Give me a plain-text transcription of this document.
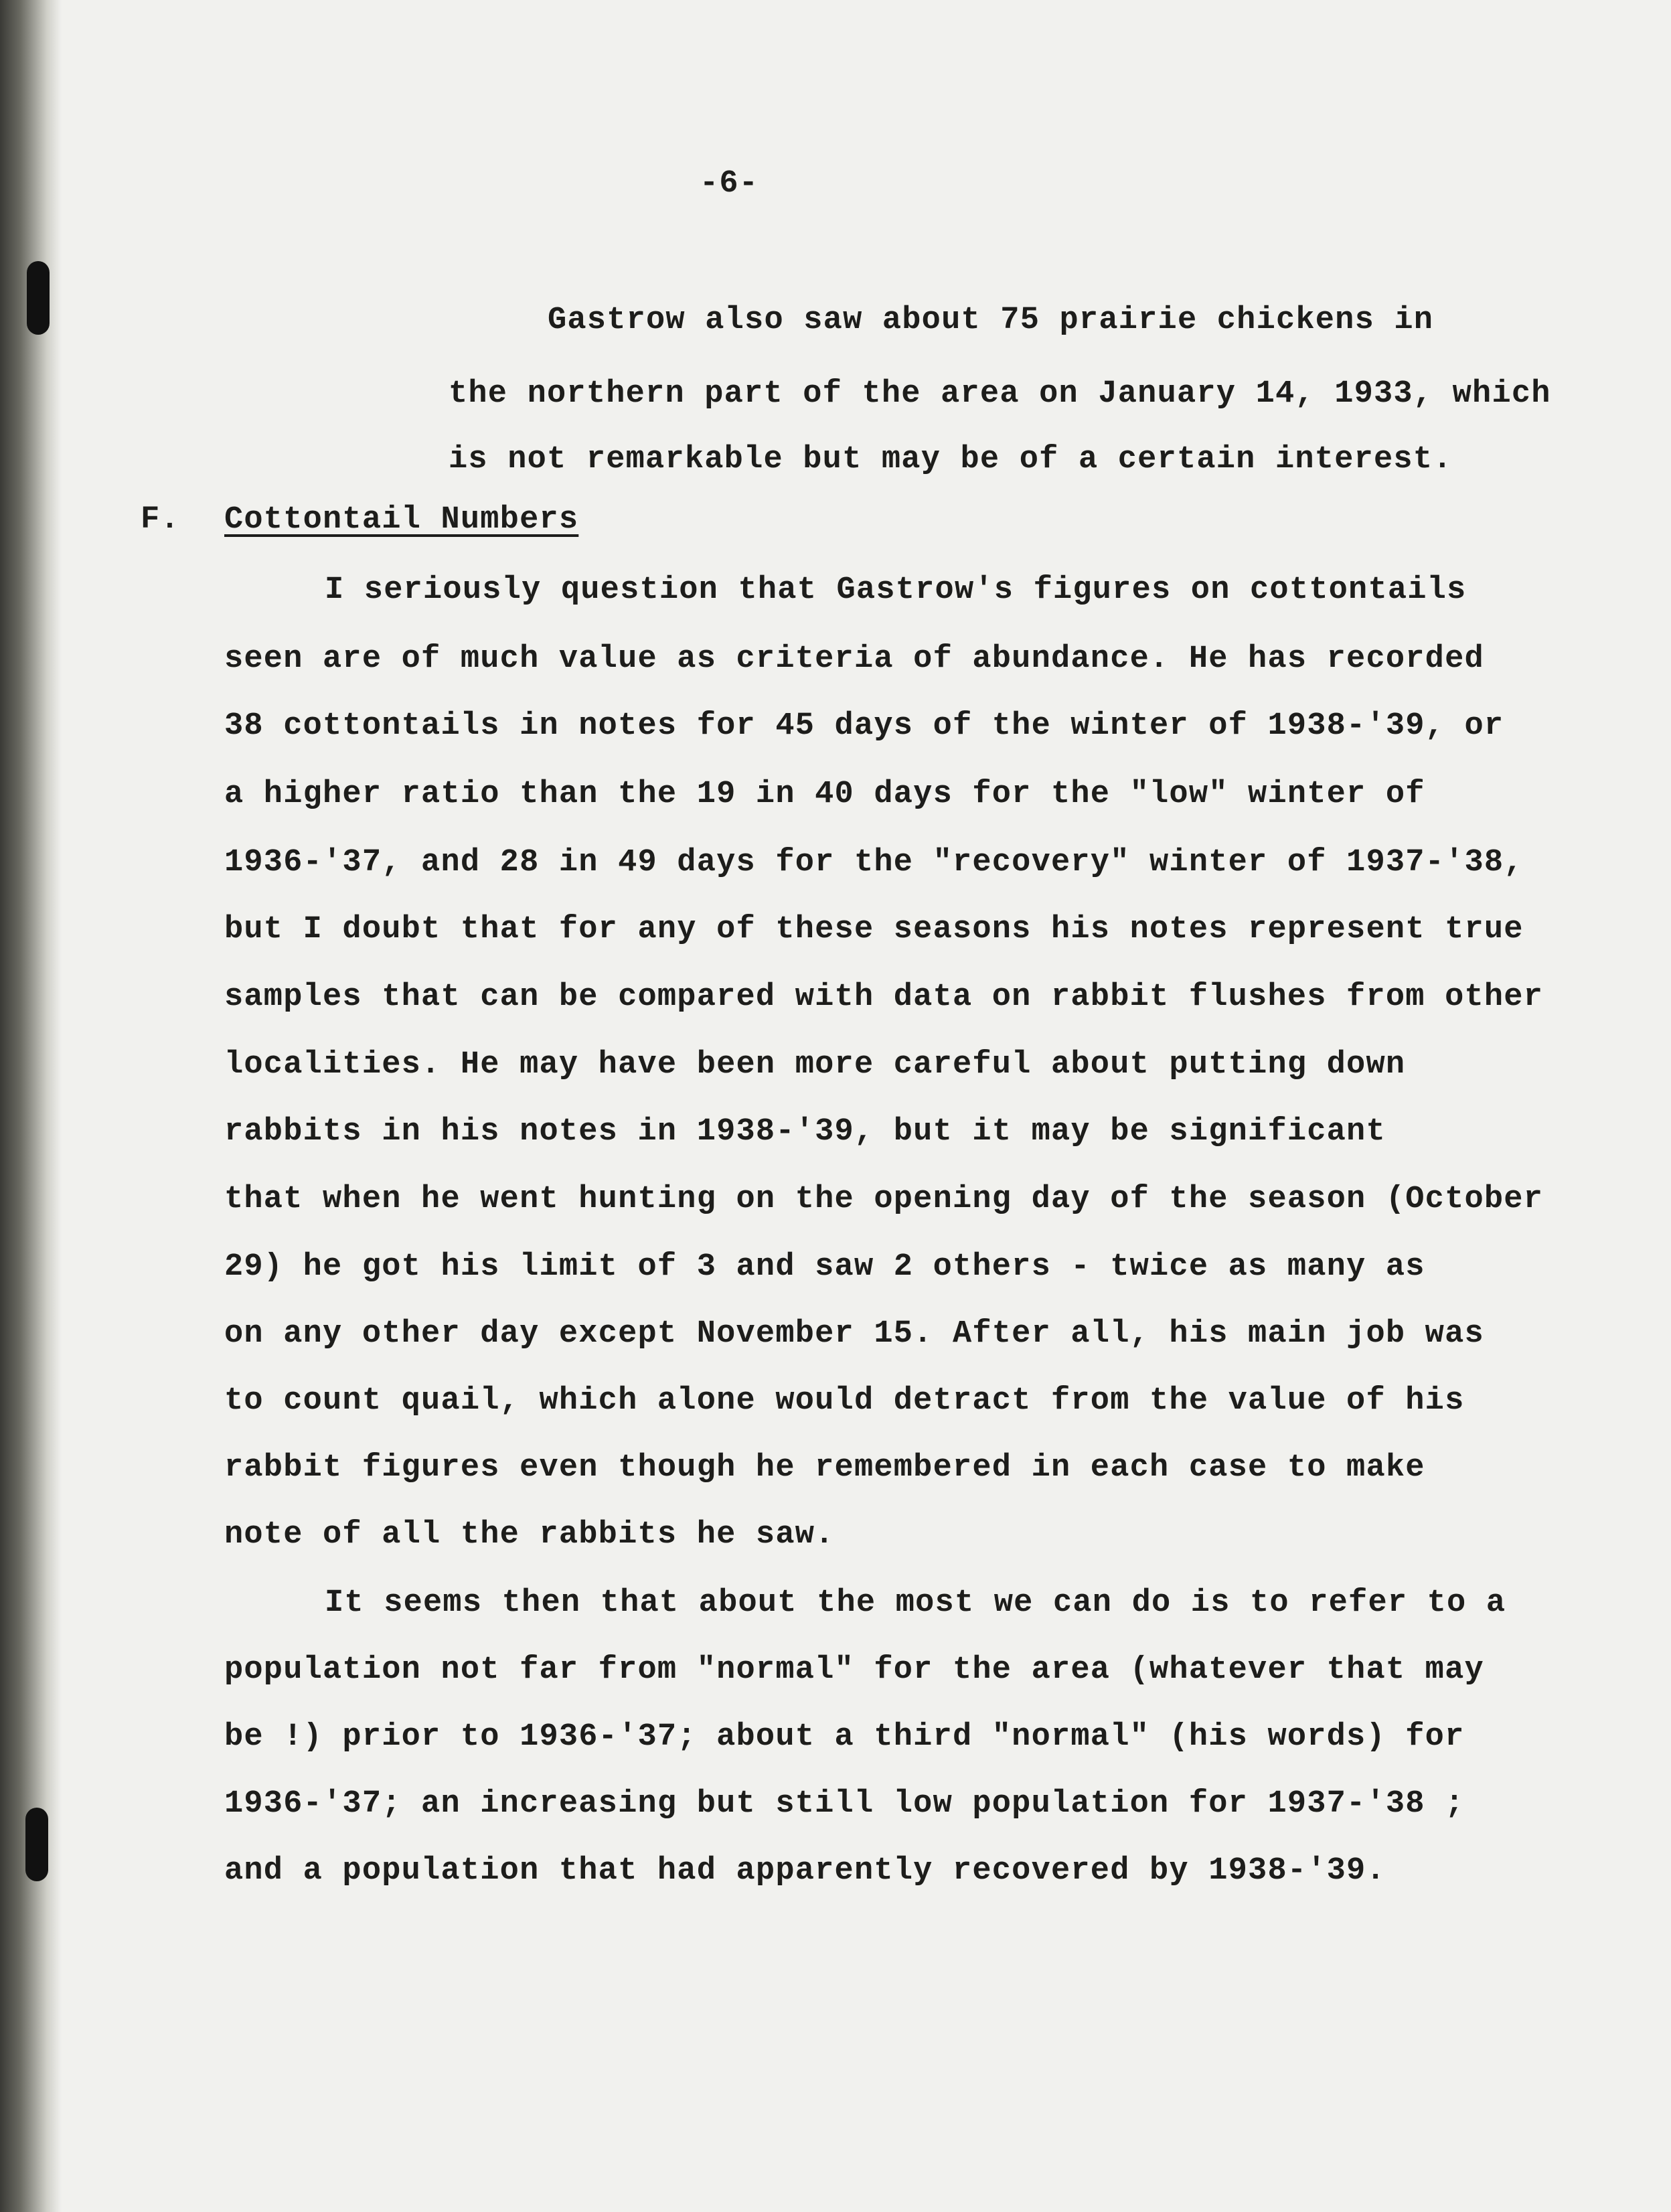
-6-
Gastrow also saw about 75 prairie chickens in
the northern part of the area on January 14, 1933, which
is not remarkable but may be of a certain interest.
F. Cottontail Numbers
I seriously question that Gastrow's figures on cottontails
seen are of much value as criteria of abundance. He has recorded
38 cottontails in notes for 45 days of the winter of 1938-'39, or
a higher ratio than the 19 in 40 days for the "low" winter of
1936-'37, and 28 in 49 days for the "recovery" winter of 1937-'38,
but I doubt that for any of these seasons his notes represent true
samples that can be compared with data on rabbit flushes from other
localities. He may have been more careful about putting down
rabbits in his notes in 1938-'39, but it may be significant
that when he went hunting on the opening day of the season (October
29) he got his limit of 3 and saw 2 others - twice as many as
on any other day except November 15. After all, his main job was
to count quail, which alone would detract from the value of his
rabbit figures even though he remembered in each case to make
note of all the rabbits he saw.
It seems then that about the most we can do is to refer to a
population not far from "normal" for the area (whatever that may
be !) prior to 1936-'37; about a third "normal" (his words) for
1936-'37; an increasing but still low population for 1937-'38 ;
and a population that had apparently recovered by 1938-'39.
